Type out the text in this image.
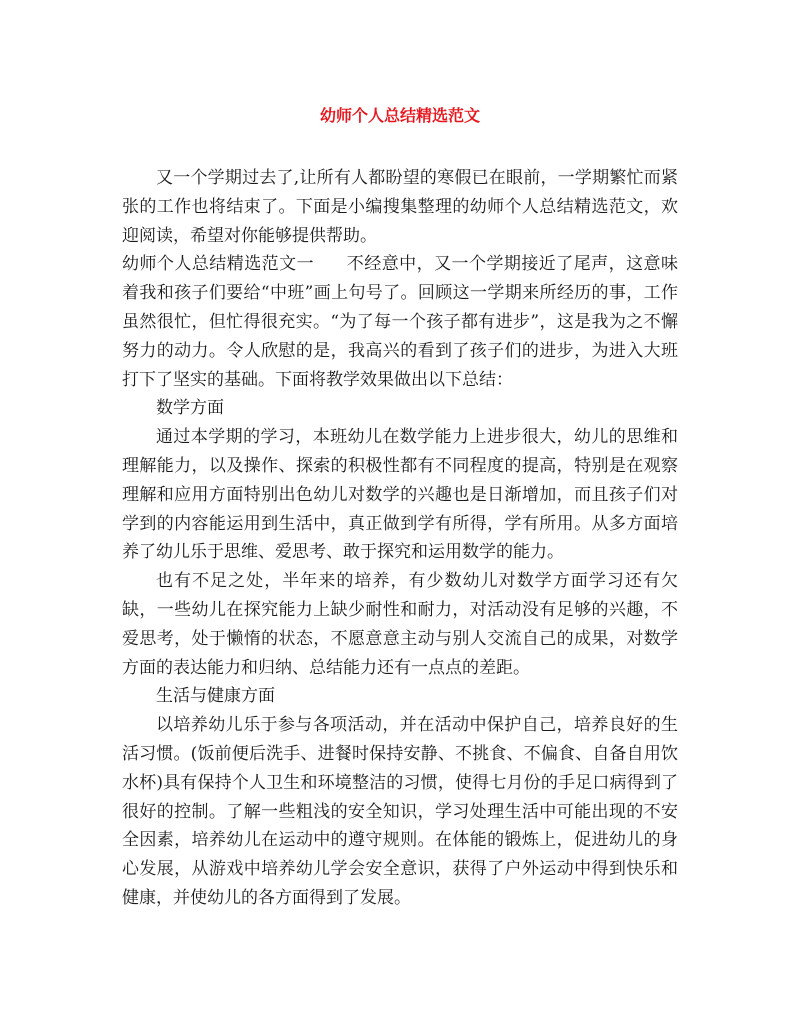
幼师个人总结精选范文

又一个学期过去了,让所有人都盼望的寒假已在眼前，一学期繁忙而紧张的工作也将结束了。下面是小编搜集整理的幼师个人总结精选范文，欢迎阅读，希望对你能够提供帮助。

幼师个人总结精选范文一 不经意中，又一个学期接近了尾声，这意味着我和孩子们要给“中班”画上句号了。回顾这一学期来所经历的事，工作虽然很忙，但忙得很充实。“为了每一个孩子都有进步”，这是我为之不懈努力的动力。令人欣慰的是，我高兴的看到了孩子们的进步，为进入大班打下了坚实的基础。下面将教学效果做出以下总结：

数学方面

通过本学期的学习，本班幼儿在数学能力上进步很大，幼儿的思维和理解能力，以及操作、探索的积极性都有不同程度的提高，特别是在观察理解和应用方面特别出色幼儿对数学的兴趣也是日渐增加，而且孩子们对学到的内容能运用到生活中，真正做到学有所得，学有所用。从多方面培养了幼儿乐于思维、爱思考、敢于探究和运用数学的能力。

也有不足之处，半年来的培养，有少数幼儿对数学方面学习还有欠缺，一些幼儿在探究能力上缺少耐性和耐力，对活动没有足够的兴趣，不爱思考，处于懒惰的状态，不愿意意主动与别人交流自己的成果，对数学方面的表达能力和归纳、总结能力还有一点点的差距。

生活与健康方面

以培养幼儿乐于参与各项活动，并在活动中保护自己，培养良好的生活习惯。(饭前便后洗手、进餐时保持安静、不挑食、不偏食、自备自用饮水杯)具有保持个人卫生和环境整洁的习惯，使得七月份的手足口病得到了很好的控制。了解一些粗浅的安全知识，学习处理生活中可能出现的不安全因素，培养幼儿在运动中的遵守规则。在体能的锻炼上，促进幼儿的身心发展，从游戏中培养幼儿学会安全意识，获得了户外运动中得到快乐和健康，并使幼儿的各方面得到了发展。
